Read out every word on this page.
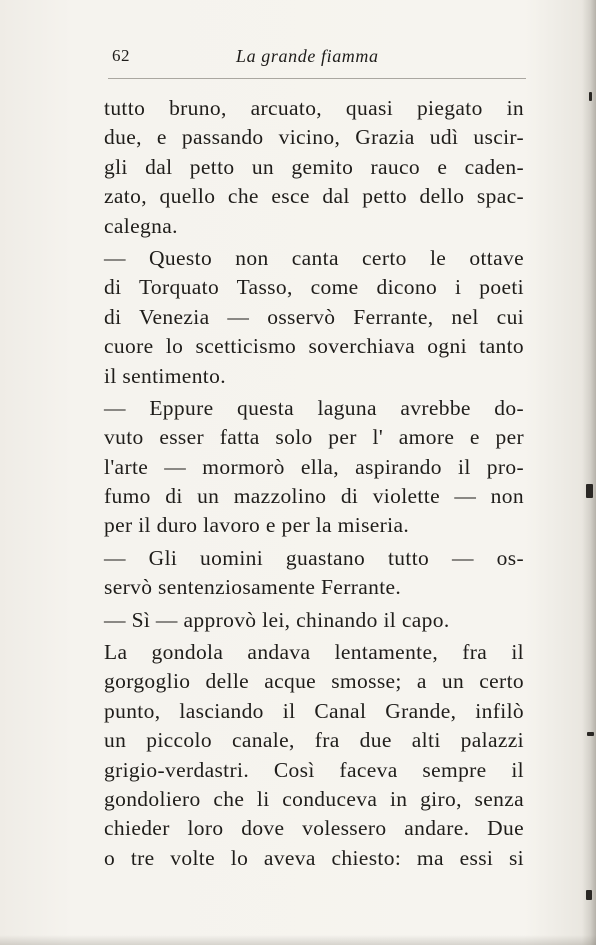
62	La grande fiamma
tutto bruno, arcuato, quasi piegato in
due, e passando vicino, Grazia udì uscir-
gli dal petto un gemito rauco e caden-
zato, quello che esce dal petto dello spac-
calegna.
— Questo non canta certo le ottave
di Torquato Tasso, come dicono i poeti
di Venezia — osservò Ferrante, nel cui
cuore lo scetticismo soverchiava ogni tanto
il sentimento.
— Eppure questa laguna avrebbe do-
vuto esser fatta solo per l' amore e per
l'arte — mormorò ella, aspirando il pro-
fumo di un mazzolino di violette — non
per il duro lavoro e per la miseria.
— Gli uomini guastano tutto — os-
servò sentenziosamente Ferrante.
— Sì — approvò lei, chinando il capo.
La gondola andava lentamente, fra il
gorgoglio delle acque smosse; a un certo
punto, lasciando il Canal Grande, infilò
un piccolo canale, fra due alti palazzi
grigio-verdastri. Così faceva sempre il
gondoliero che li conduceva in giro, senza
chieder loro dove volessero andare. Due
o tre volte lo aveva chiesto: ma essi si
